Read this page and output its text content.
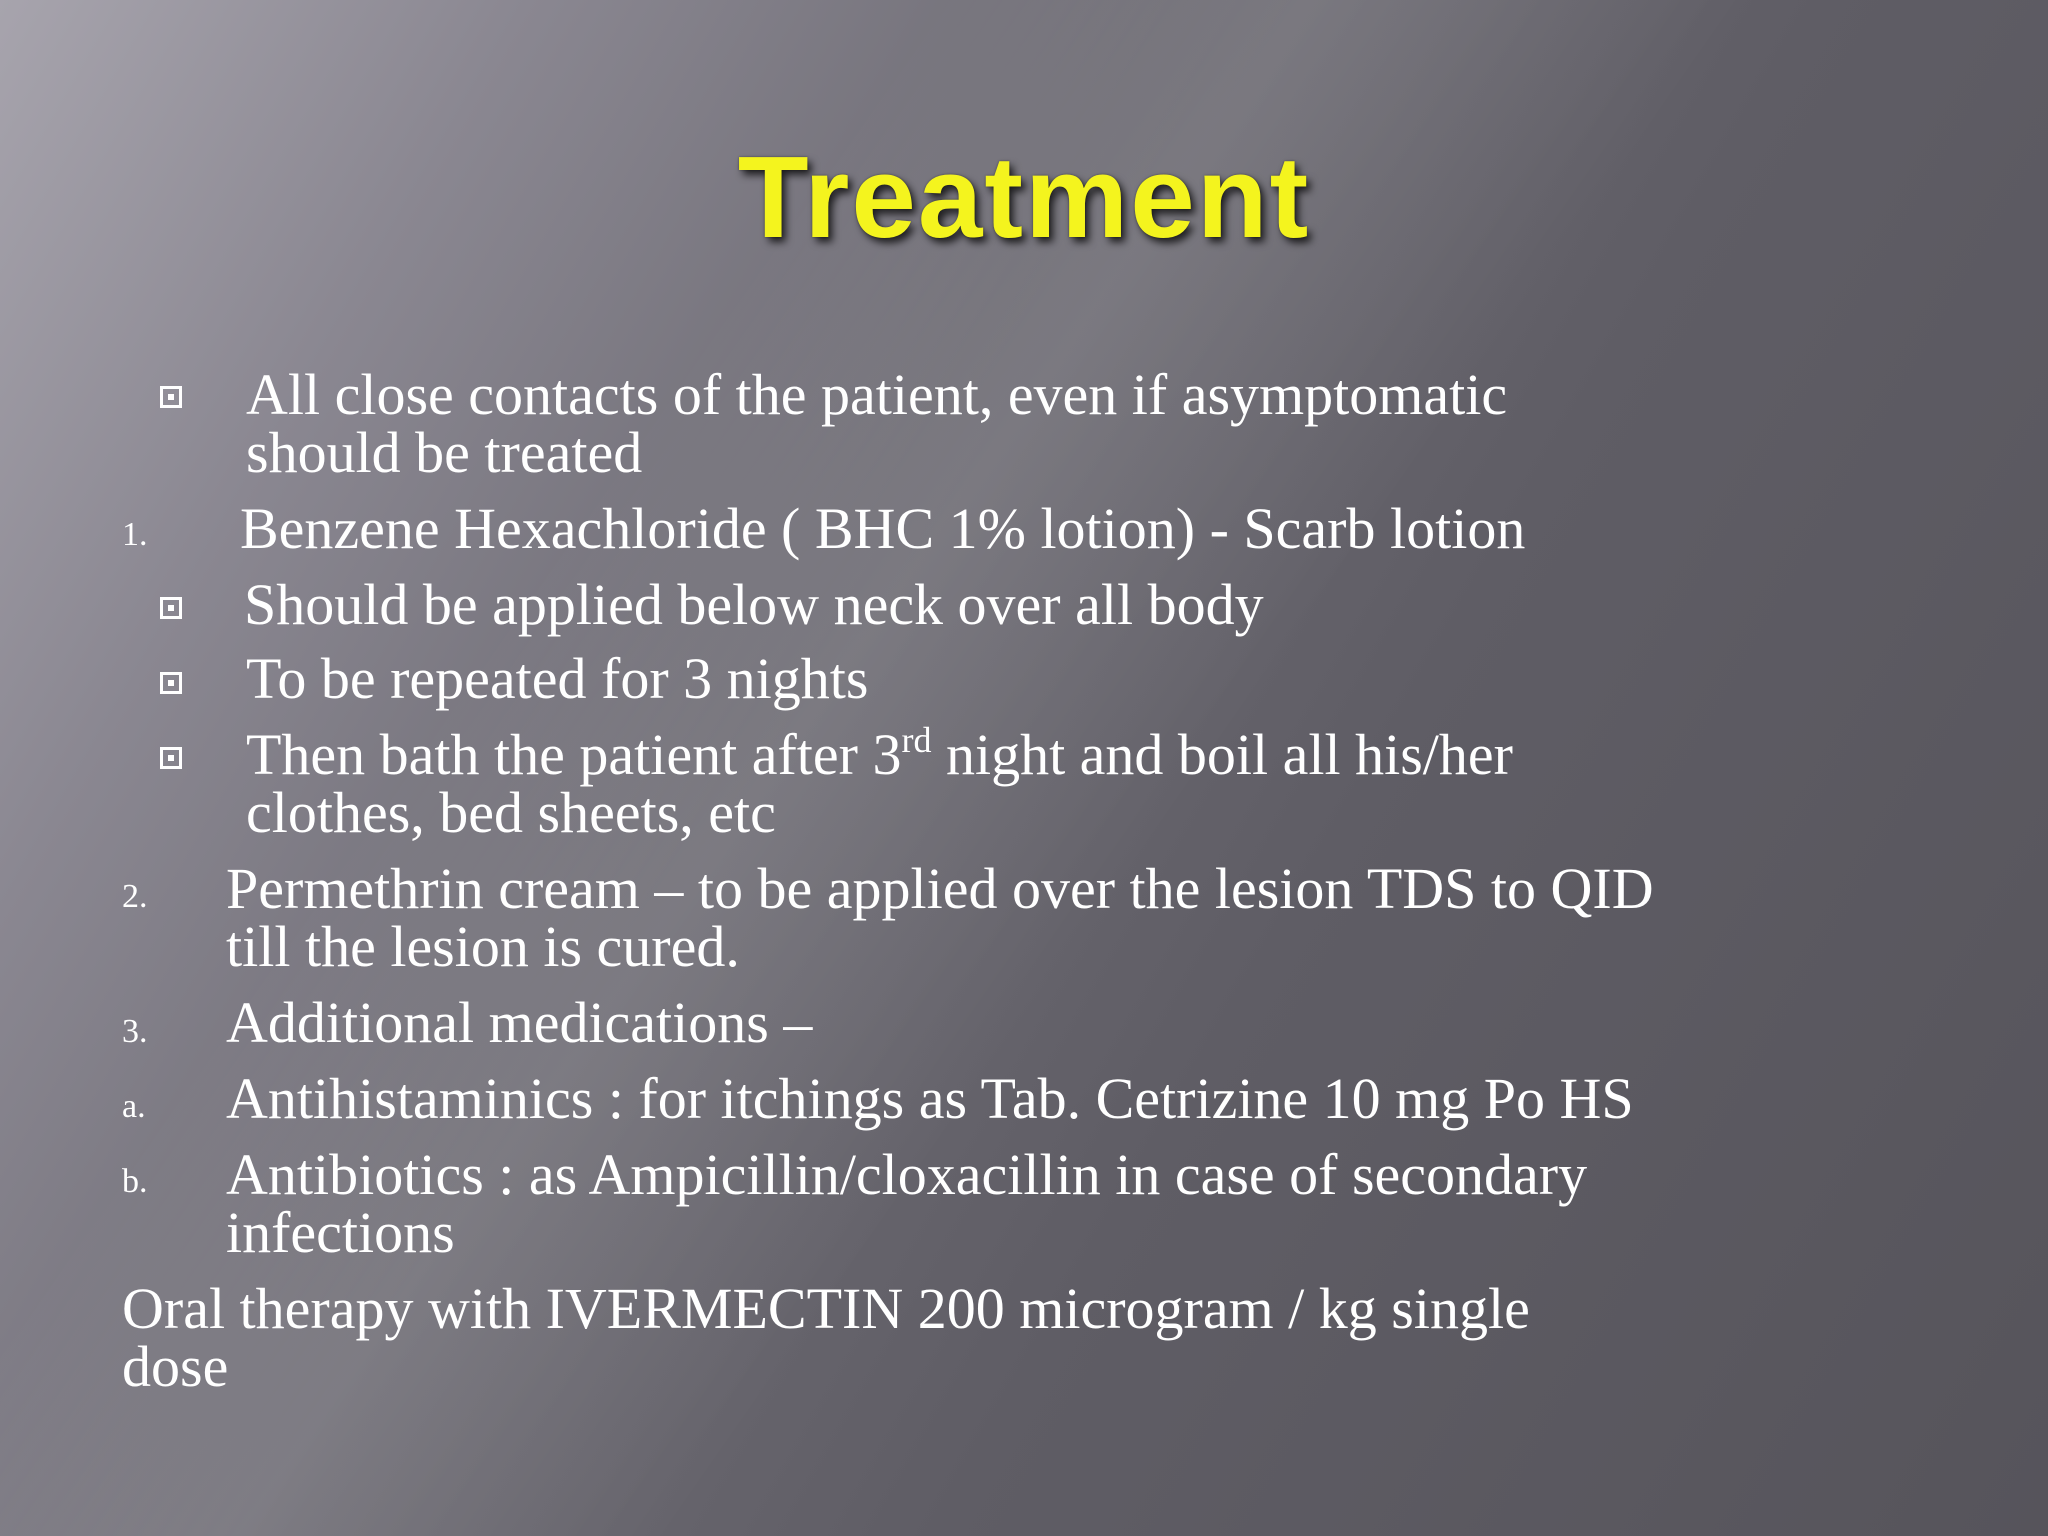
Treatment
All close contacts of the patient, even if asymptomatic
should be treated
1. Benzene Hexachloride ( BHC 1% lotion) - Scarb lotion
Should be applied below neck over all body
To be repeated for 3 nights
Then bath the patient after 3rd night and boil all his/her
clothes, bed sheets, etc
2. Permethrin cream – to be applied over the lesion TDS to QID
till the lesion is cured.
3. Additional medications –
a. Antihistaminics : for itchings as Tab. Cetrizine 10 mg Po HS
b. Antibiotics : as Ampicillin/cloxacillin in case of secondary
infections
Oral therapy with IVERMECTIN 200 microgram / kg single
dose
